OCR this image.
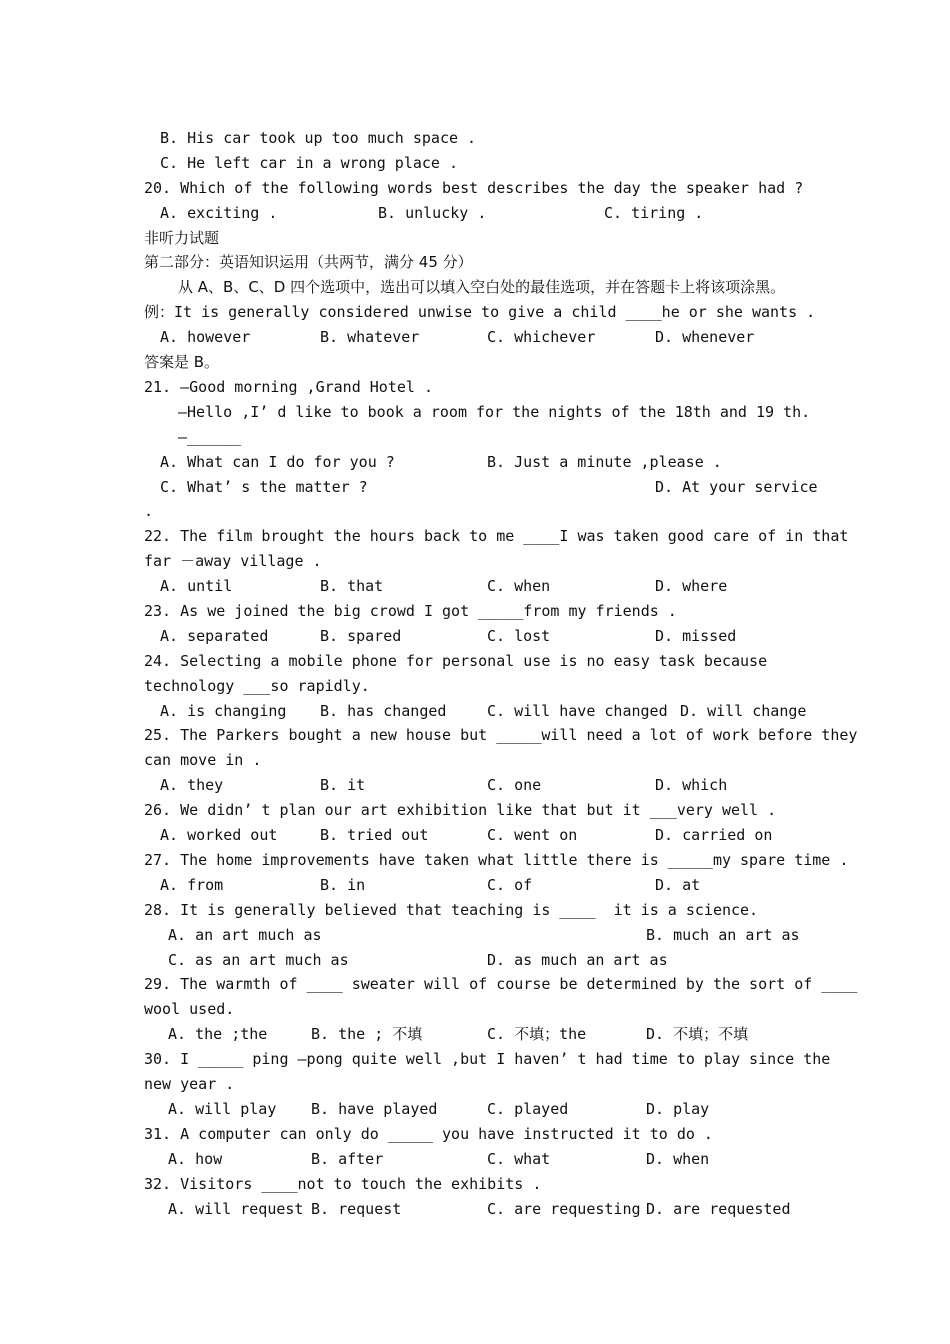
B. His car took up too much space .
C. He left car in a wrong place .
20. Which of the following words best describes the day the speaker had ?
A. exciting .	B. unlucky .	C. tiring .
非听力试题
第二部分：英语知识运用（共两节，满分 45 分）
从 A、B、C、D 四个选项中，选出可以填入空白处的最佳选项，并在答题卡上将该项涂黑。
例：It is generally considered unwise to give a child ____he or she wants .
A. however	B. whatever	C. whichever	D. whenever
答案是 B。
21. —Good morning ,Grand Hotel .
—Hello ,I’ d like to book a room for the nights of the 18th and 19 th.
—______
A. What can I do for you ?	B. Just a minute ,please .
C. What’ s the matter ?	D. At your service
.
22. The film brought the hours back to me ____I was taken good care of in that
far －away village .
A. until	B. that	C. when	D. where
23. As we joined the big crowd I got _____from my friends .
A. separated	B. spared	C. lost	D. missed
24. Selecting a mobile phone for personal use is no easy task because
technology ___so rapidly.
A. is changing B. has changed	C. will have changed D. will change
25. The Parkers bought a new house but _____will need a lot of work before they
can move in .
A. they	B. it	C. one	D. which
26. We didn’ t plan our art exhibition like that but it ___very well .
A. worked out	B. tried out	C. went on	D. carried on
27. The home improvements have taken what little there is _____my spare time .
A. from	B. in	C. of	D. at
28. It is generally believed that teaching is ____  it is a science.
A. an art much as	B. much an art as
C. as an art much as	D. as much an art as
29. The warmth of ____ sweater will of course be determined by the sort of ____
wool used.
A. the ;the	B. the ; 不填	C. 不填；the	D. 不填；不填
30. I _____ ping —pong quite well ,but I haven’ t had time to play since the
new year .
A. will play B. have played	C. played	D. play
31. A computer can only do _____ you have instructed it to do .
A. how	B. after	C. what	D. when
32. Visitors ____not to touch the exhibits .
A. will request B. request	C. are requesting D. are requested
